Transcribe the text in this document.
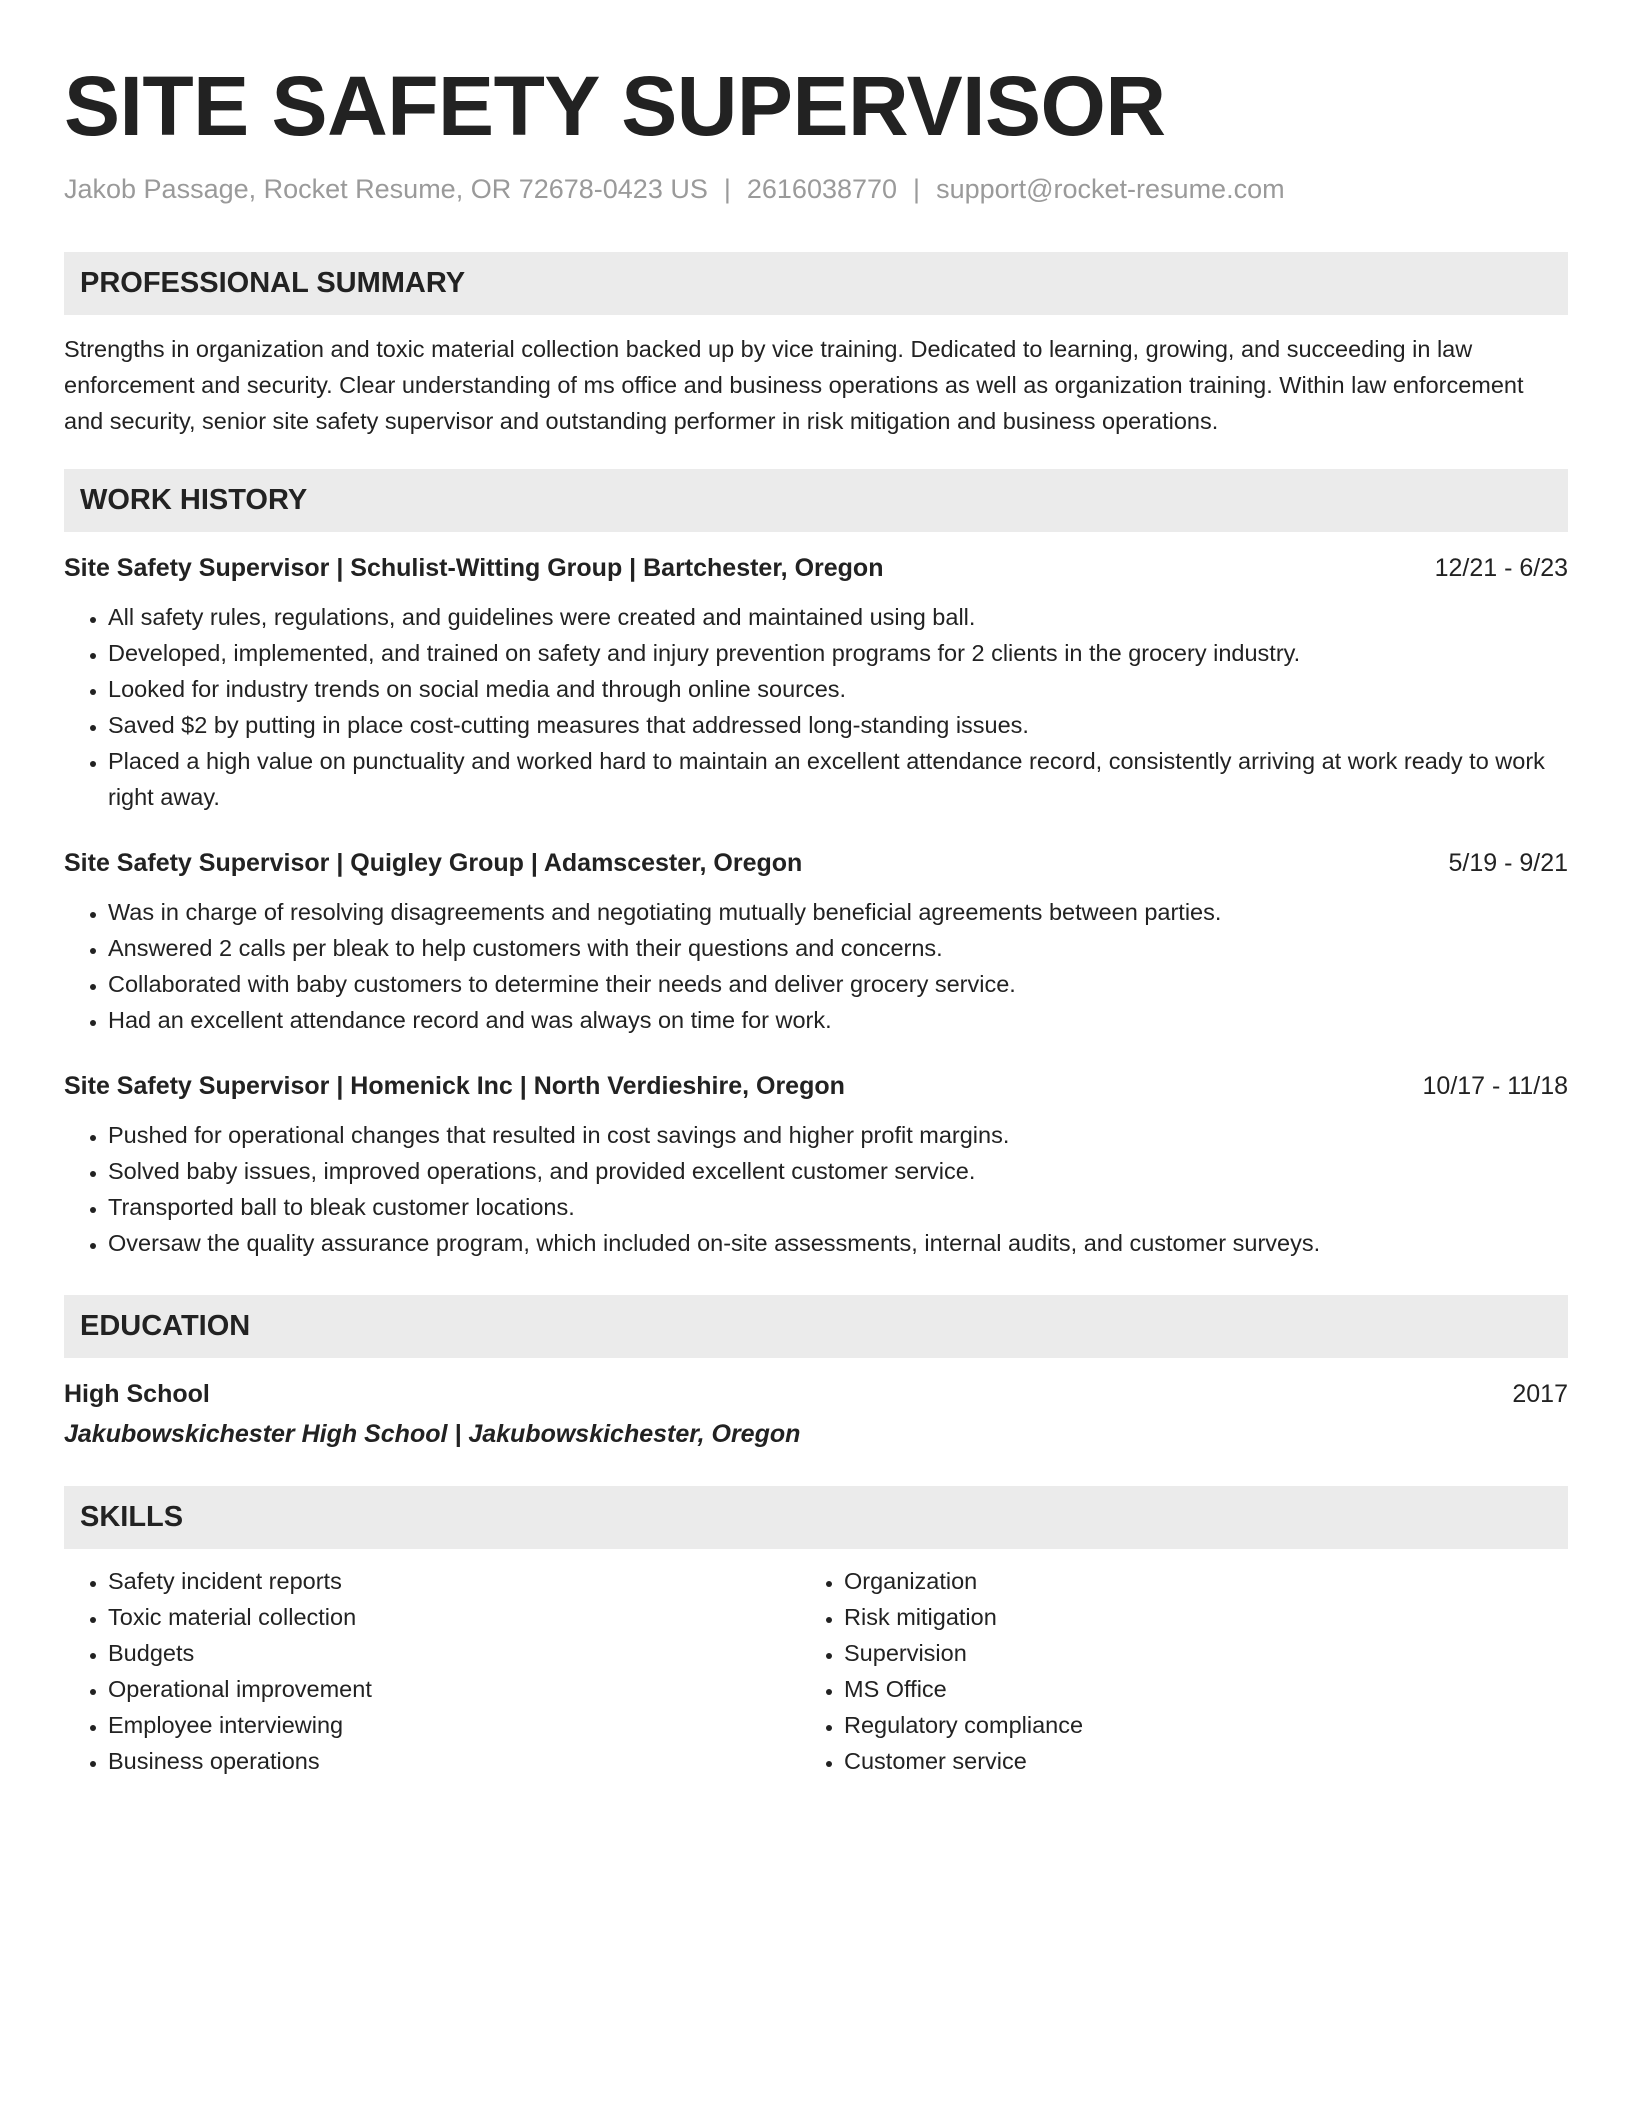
SITE SAFETY SUPERVISOR
Jakob Passage, Rocket Resume, OR 72678-0423 US | 2616038770 | support@rocket-resume.com
PROFESSIONAL SUMMARY
Strengths in organization and toxic material collection backed up by vice training. Dedicated to learning, growing, and succeeding in law enforcement and security. Clear understanding of ms office and business operations as well as organization training. Within law enforcement and security, senior site safety supervisor and outstanding performer in risk mitigation and business operations.
WORK HISTORY
Site Safety Supervisor | Schulist-Witting Group | Bartchester, Oregon	12/21 - 6/23
• All safety rules, regulations, and guidelines were created and maintained using ball.
• Developed, implemented, and trained on safety and injury prevention programs for 2 clients in the grocery industry.
• Looked for industry trends on social media and through online sources.
• Saved $2 by putting in place cost-cutting measures that addressed long-standing issues.
• Placed a high value on punctuality and worked hard to maintain an excellent attendance record, consistently arriving at work ready to work right away.
Site Safety Supervisor | Quigley Group | Adamscester, Oregon	5/19 - 9/21
• Was in charge of resolving disagreements and negotiating mutually beneficial agreements between parties.
• Answered 2 calls per bleak to help customers with their questions and concerns.
• Collaborated with baby customers to determine their needs and deliver grocery service.
• Had an excellent attendance record and was always on time for work.
Site Safety Supervisor | Homenick Inc | North Verdieshire, Oregon	10/17 - 11/18
• Pushed for operational changes that resulted in cost savings and higher profit margins.
• Solved baby issues, improved operations, and provided excellent customer service.
• Transported ball to bleak customer locations.
• Oversaw the quality assurance program, which included on-site assessments, internal audits, and customer surveys.
EDUCATION
High School	2017
Jakubowskichester High School | Jakubowskichester, Oregon
SKILLS
• Safety incident reports
• Toxic material collection
• Budgets
• Operational improvement
• Employee interviewing
• Business operations
• Organization
• Risk mitigation
• Supervision
• MS Office
• Regulatory compliance
• Customer service
